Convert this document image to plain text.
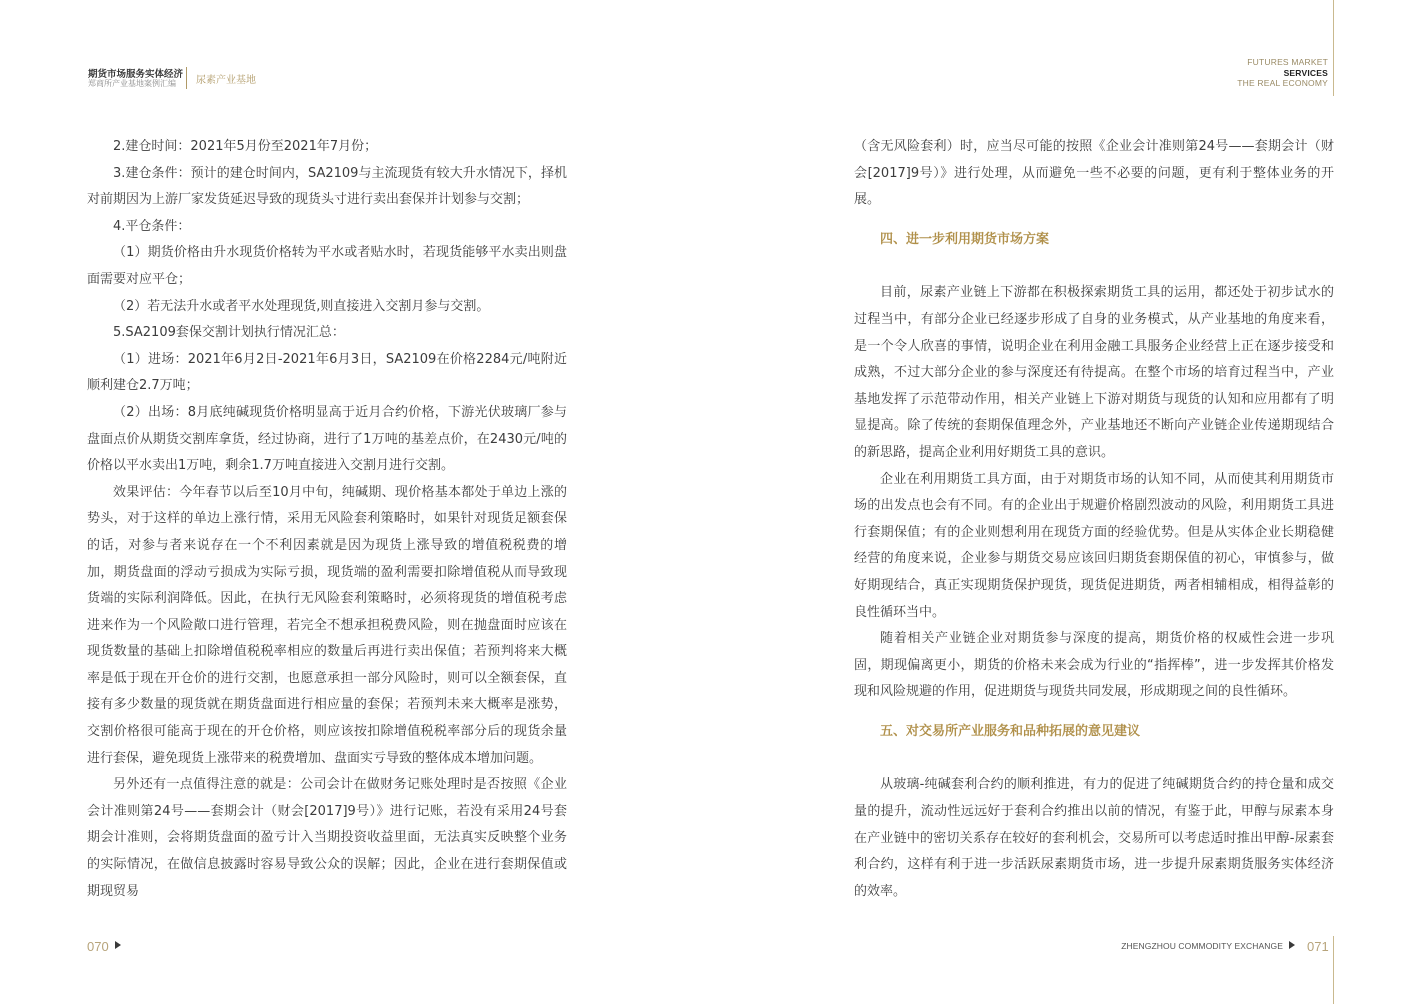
期货市场服务实体经济
郑商所产业基地案例汇编 尿素产业基地
FUTURES MARKET
SERVICES
THE REAL ECONOMY

2.建仓时间：2021年5月份至2021年7月份；

3.建仓条件：预计的建仓时间内，SA2109与主流现货有较大升水情况下，择机对前期因为上游厂家发货延迟导致的现货头寸进行卖出套保并计划参与交割；

4.平仓条件：

（1）期货价格由升水现货价格转为平水或者贴水时，若现货能够平水卖出则盘面需要对应平仓；

（2）若无法升水或者平水处理现货,则直接进入交割月参与交割。

5.SA2109套保交割计划执行情况汇总：

（1）进场：2021年6月2日-2021年6月3日，SA2109在价格2284元/吨附近顺利建仓2.7万吨；

（2）出场：8月底纯碱现货价格明显高于近月合约价格，下游光伏玻璃厂参与盘面点价从期货交割库拿货，经过协商，进行了1万吨的基差点价，在2430元/吨的价格以平水卖出1万吨，剩余1.7万吨直接进入交割月进行交割。

效果评估：今年春节以后至10月中旬，纯碱期、现价格基本都处于单边上涨的势头，对于这样的单边上涨行情，采用无风险套利策略时，如果针对现货足额套保的话，对参与者来说存在一个不利因素就是因为现货上涨导致的增值税税费的增加，期货盘面的浮动亏损成为实际亏损，现货端的盈利需要扣除增值税从而导致现货端的实际利润降低。因此，在执行无风险套利策略时，必须将现货的增值税考虑进来作为一个风险敞口进行管理，若完全不想承担税费风险，则在抛盘面时应该在现货数量的基础上扣除增值税税率相应的数量后再进行卖出保值；若预判将来大概率是低于现在开仓价的进行交割，也愿意承担一部分风险时，则可以全额套保，直接有多少数量的现货就在期货盘面进行相应量的套保；若预判未来大概率是涨势，交割价格很可能高于现在的开仓价格，则应该按扣除增值税税率部分后的现货余量进行套保，避免现货上涨带来的税费增加、盘面实亏导致的整体成本增加问题。

另外还有一点值得注意的就是：公司会计在做财务记账处理时是否按照《企业会计准则第24号——套期会计（财会[2017]9号）》进行记账，若没有采用24号套期会计准则，会将期货盘面的盈亏计入当期投资收益里面，无法真实反映整个业务的实际情况，在做信息披露时容易导致公众的误解；因此，企业在进行套期保值或期现贸易

（含无风险套利）时，应当尽可能的按照《企业会计准则第24号——套期会计（财会[2017]9号）》进行处理，从而避免一些不必要的问题，更有利于整体业务的开展。

四、进一步利用期货市场方案

目前，尿素产业链上下游都在积极探索期货工具的运用，都还处于初步试水的过程当中，有部分企业已经逐步形成了自身的业务模式，从产业基地的角度来看，是一个令人欣喜的事情，说明企业在利用金融工具服务企业经营上正在逐步接受和成熟，不过大部分企业的参与深度还有待提高。在整个市场的培育过程当中，产业基地发挥了示范带动作用，相关产业链上下游对期货与现货的认知和应用都有了明显提高。除了传统的套期保值理念外，产业基地还不断向产业链企业传递期现结合的新思路，提高企业利用好期货工具的意识。

企业在利用期货工具方面，由于对期货市场的认知不同，从而使其利用期货市场的出发点也会有不同。有的企业出于规避价格剧烈波动的风险，利用期货工具进行套期保值；有的企业则想利用在现货方面的经验优势。但是从实体企业长期稳健经营的角度来说，企业参与期货交易应该回归期货套期保值的初心，审慎参与，做好期现结合，真正实现期货保护现货，现货促进期货，两者相辅相成，相得益彰的良性循环当中。

随着相关产业链企业对期货参与深度的提高，期货价格的权威性会进一步巩固，期现偏离更小，期货的价格未来会成为行业的“指挥棒”，进一步发挥其价格发现和风险规避的作用，促进期货与现货共同发展，形成期现之间的良性循环。

五、对交易所产业服务和品种拓展的意见建议

从玻璃-纯碱套利合约的顺利推进，有力的促进了纯碱期货合约的持仓量和成交量的提升，流动性远远好于套利合约推出以前的情况，有鉴于此，甲醇与尿素本身在产业链中的密切关系存在较好的套利机会，交易所可以考虑适时推出甲醇-尿素套利合约，这样有利于进一步活跃尿素期货市场，进一步提升尿素期货服务实体经济的效率。

070	ZHENGZHOU COMMODITY EXCHANGE 071
